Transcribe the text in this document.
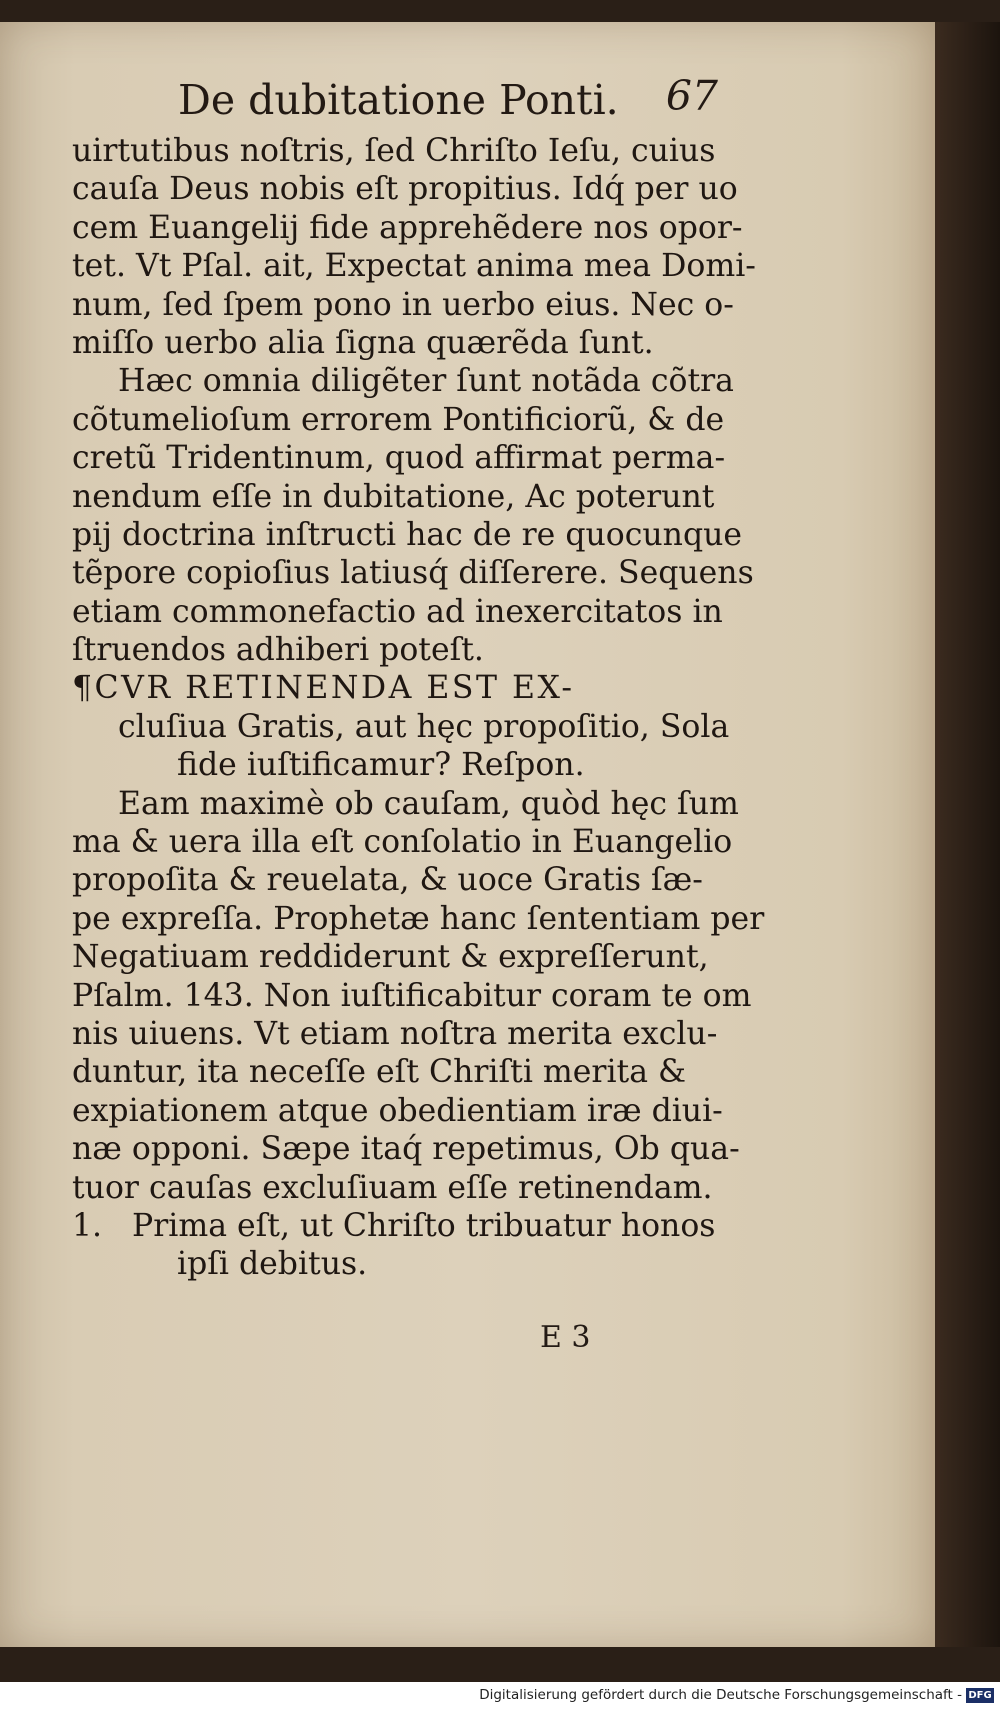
De dubitatione Ponti. 67
uirtutibus noſtris, ſed Chriſto Ieſu, cuius
cauſa Deus nobis eſt propitius. Idq́ per uo
cem Euangelij fide apprehẽdere nos opor-
tet. Vt Pſal. ait, Expectat anima mea Domi-
num, ſed ſpem pono in uerbo eius. Nec o-
miſſo uerbo alia ſigna quærẽda ſunt.
Hæc omnia diligẽter ſunt notãda cõtra
cõtumelioſum errorem Pontificiorũ, & de
cretũ Tridentinum, quod affirmat perma-
nendum eſſe in dubitatione, Ac poterunt
pij doctrina inſtructi hac de re quocunque
tẽpore copioſius latiusq́ diſſerere. Sequens
etiam commonefactio ad inexercitatos in
ſtruendos adhiberi poteſt.
¶CVR RETINENDA EST EX-
cluſiua Gratis, aut hęc propoſitio, Sola
fide iuſtificamur? Reſpon.
Eam maximè ob cauſam, quòd hęc ſum
ma & uera illa eſt conſolatio in Euangelio
propoſita & reuelata, & uoce Gratis ſæ-
pe expreſſa. Prophetæ hanc ſententiam per
Negatiuam reddiderunt & expreſſerunt,
Pſalm. 143. Non iuſtificabitur coram te om
nis uiuens. Vt etiam noſtra merita exclu-
duntur, ita neceſſe eſt Chriſti merita &
expiationem atque obedientiam iræ diui-
næ opponi. Sæpe itaq́ repetimus, Ob qua-
tuor cauſas excluſiuam eſſe retinendam.
1. Prima eſt, ut Chriſto tribuatur honos
ipſi debitus.
E 3
Digitalisierung gefördert durch die Deutsche Forschungsgemeinschaft - DFG
